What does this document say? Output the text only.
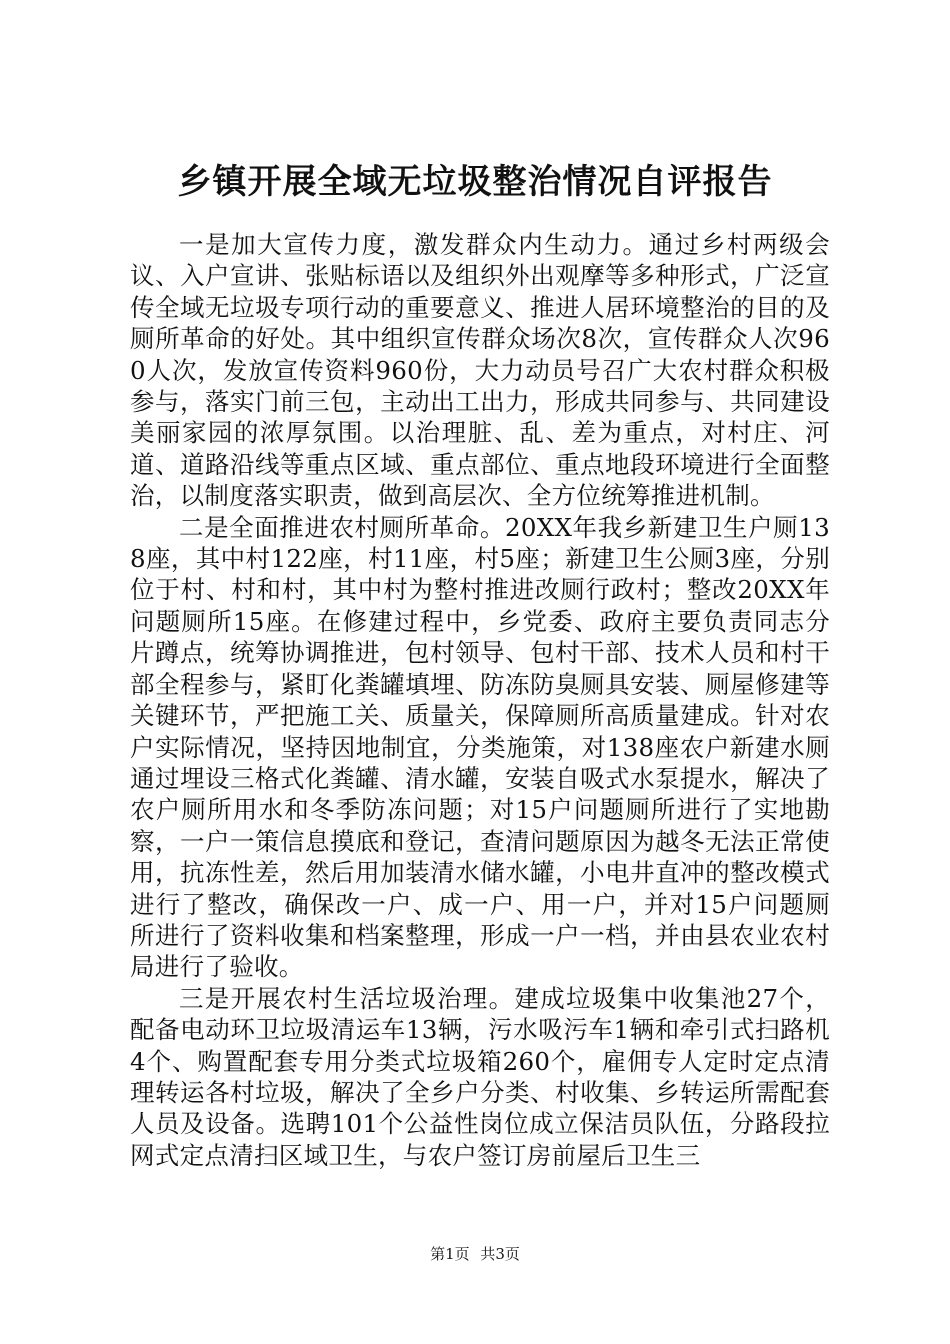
乡镇开展全域无垃圾整治情况自评报告

一是加大宣传力度，激发群众内生动力。通过乡村两级会议、入户宣讲、张贴标语以及组织外出观摩等多种形式，广泛宣传全域无垃圾专项行动的重要意义、推进人居环境整治的目的及厕所革命的好处。其中组织宣传群众场次8次，宣传群众人次960人次，发放宣传资料960份，大力动员号召广大农村群众积极参与，落实门前三包，主动出工出力，形成共同参与、共同建设美丽家园的浓厚氛围。以治理脏、乱、差为重点，对村庄、河道、道路沿线等重点区域、重点部位、重点地段环境进行全面整治，以制度落实职责，做到高层次、全方位统筹推进机制。

二是全面推进农村厕所革命。20XX年我乡新建卫生户厕138座，其中村122座，村11座，村5座；新建卫生公厕3座，分别位于村、村和村，其中村为整村推进改厕行政村；整改20XX年问题厕所15座。在修建过程中，乡党委、政府主要负责同志分片蹲点，统筹协调推进，包村领导、包村干部、技术人员和村干部全程参与，紧盯化粪罐填埋、防冻防臭厕具安装、厕屋修建等关键环节，严把施工关、质量关，保障厕所高质量建成。针对农户实际情况，坚持因地制宜，分类施策，对138座农户新建水厕通过埋设三格式化粪罐、清水罐，安装自吸式水泵提水，解决了农户厕所用水和冬季防冻问题；对15户问题厕所进行了实地勘察，一户一策信息摸底和登记，查清问题原因为越冬无法正常使用，抗冻性差，然后用加装清水储水罐，小电井直冲的整改模式进行了整改，确保改一户、成一户、用一户，并对15户问题厕所进行了资料收集和档案整理，形成一户一档，并由县农业农村局进行了验收。

三是开展农村生活垃圾治理。建成垃圾集中收集池27个，配备电动环卫垃圾清运车13辆，污水吸污车1辆和牵引式扫路机4个、购置配套专用分类式垃圾箱260个，雇佣专人定时定点清理转运各村垃圾，解决了全乡户分类、村收集、乡转运所需配套人员及设备。选聘101个公益性岗位成立保洁员队伍，分路段拉网式定点清扫区域卫生，与农户签订房前屋后卫生三

第1页 共3页
